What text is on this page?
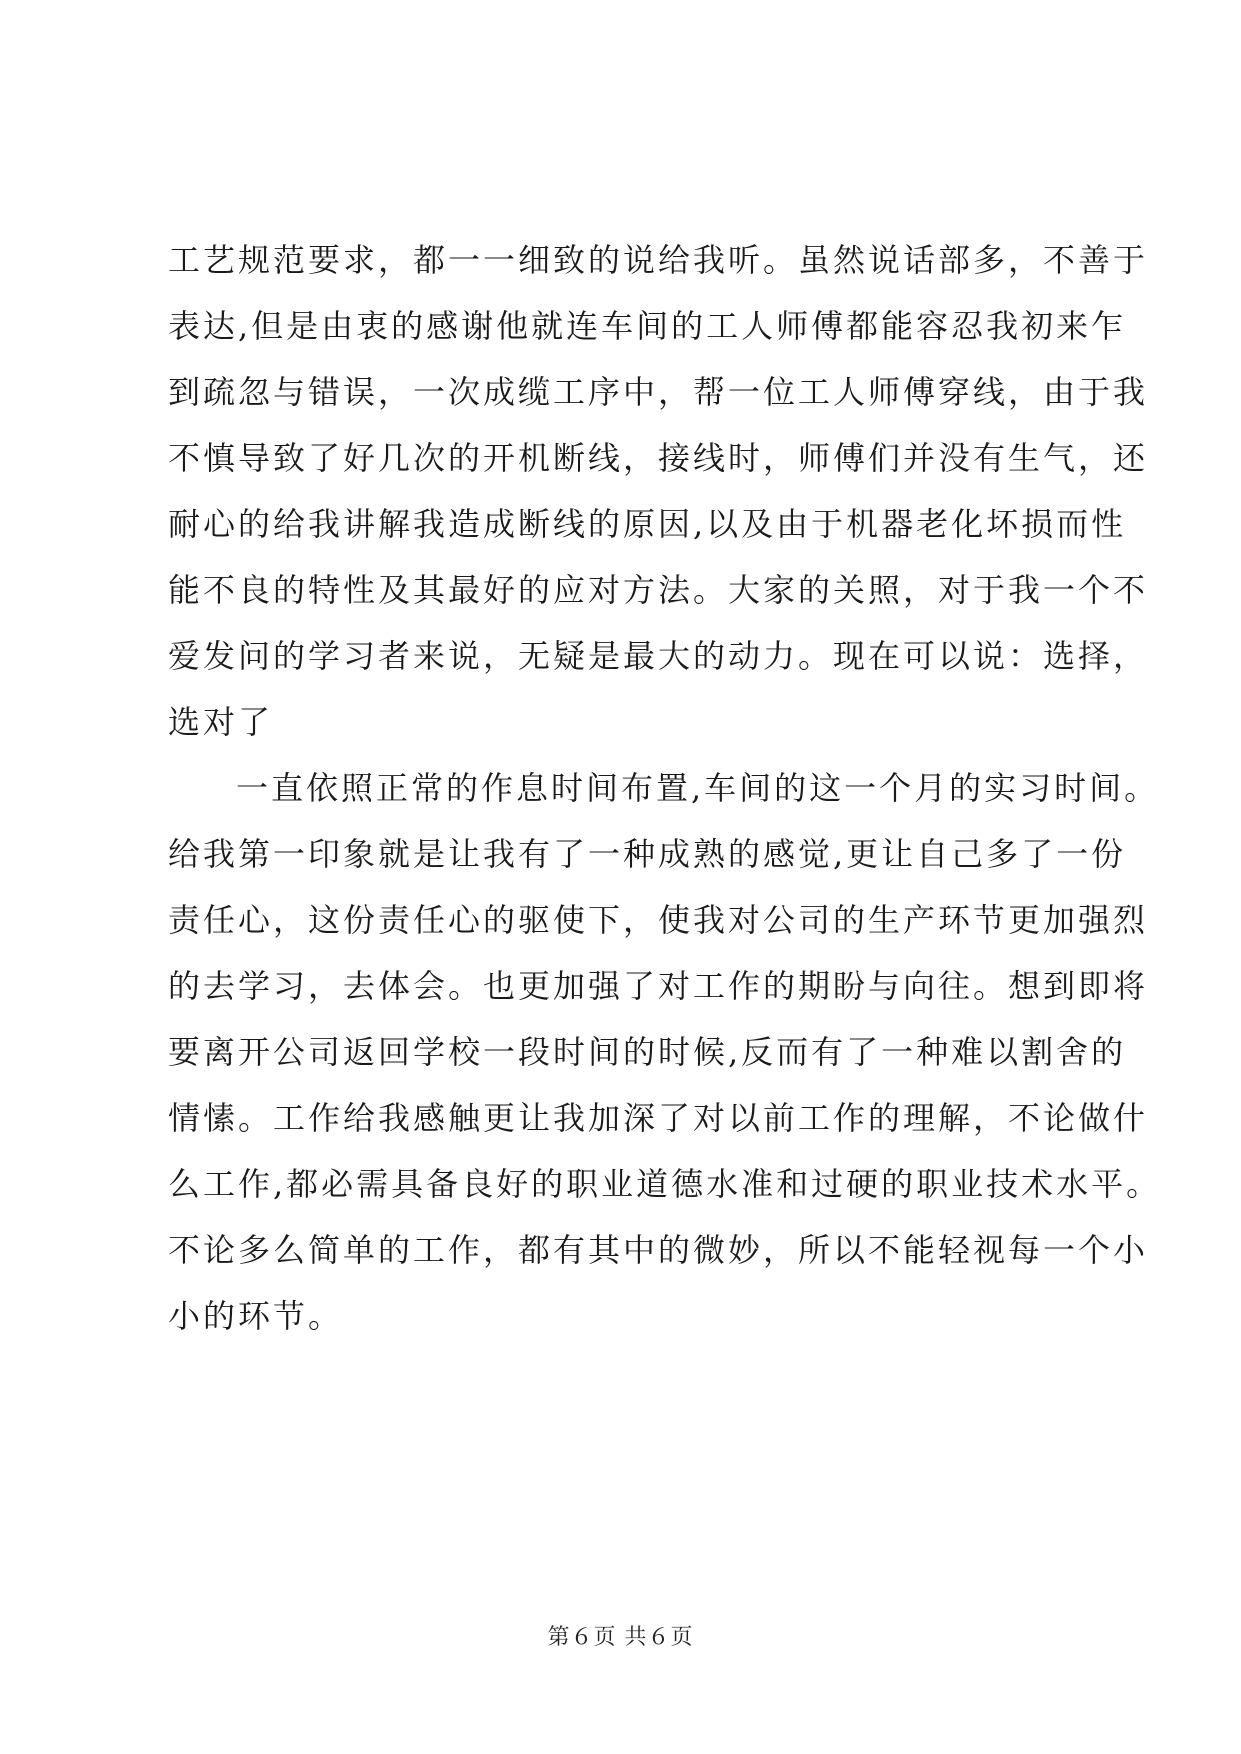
工艺规范要求，都一一细致的说给我听。虽然说话部多，不善于
表达,但是由衷的感谢他就连车间的工人师傅都能容忍我初来乍
到疏忽与错误，一次成缆工序中，帮一位工人师傅穿线，由于我
不慎导致了好几次的开机断线，接线时，师傅们并没有生气，还
耐心的给我讲解我造成断线的原因,以及由于机器老化坏损而性
能不良的特性及其最好的应对方法。大家的关照，对于我一个不
爱发问的学习者来说，无疑是最大的动力。现在可以说：选择，
选对了
一直依照正常的作息时间布置,车间的这一个月的实习时间。
给我第一印象就是让我有了一种成熟的感觉,更让自己多了一份
责任心，这份责任心的驱使下，使我对公司的生产环节更加强烈
的去学习，去体会。也更加强了对工作的期盼与向往。想到即将
要离开公司返回学校一段时间的时候,反而有了一种难以割舍的
情愫。工作给我感触更让我加深了对以前工作的理解，不论做什
么工作,都必需具备良好的职业道德水准和过硬的职业技术水平。
不论多么简单的工作，都有其中的微妙，所以不能轻视每一个小
小的环节。
第６页 共６页
